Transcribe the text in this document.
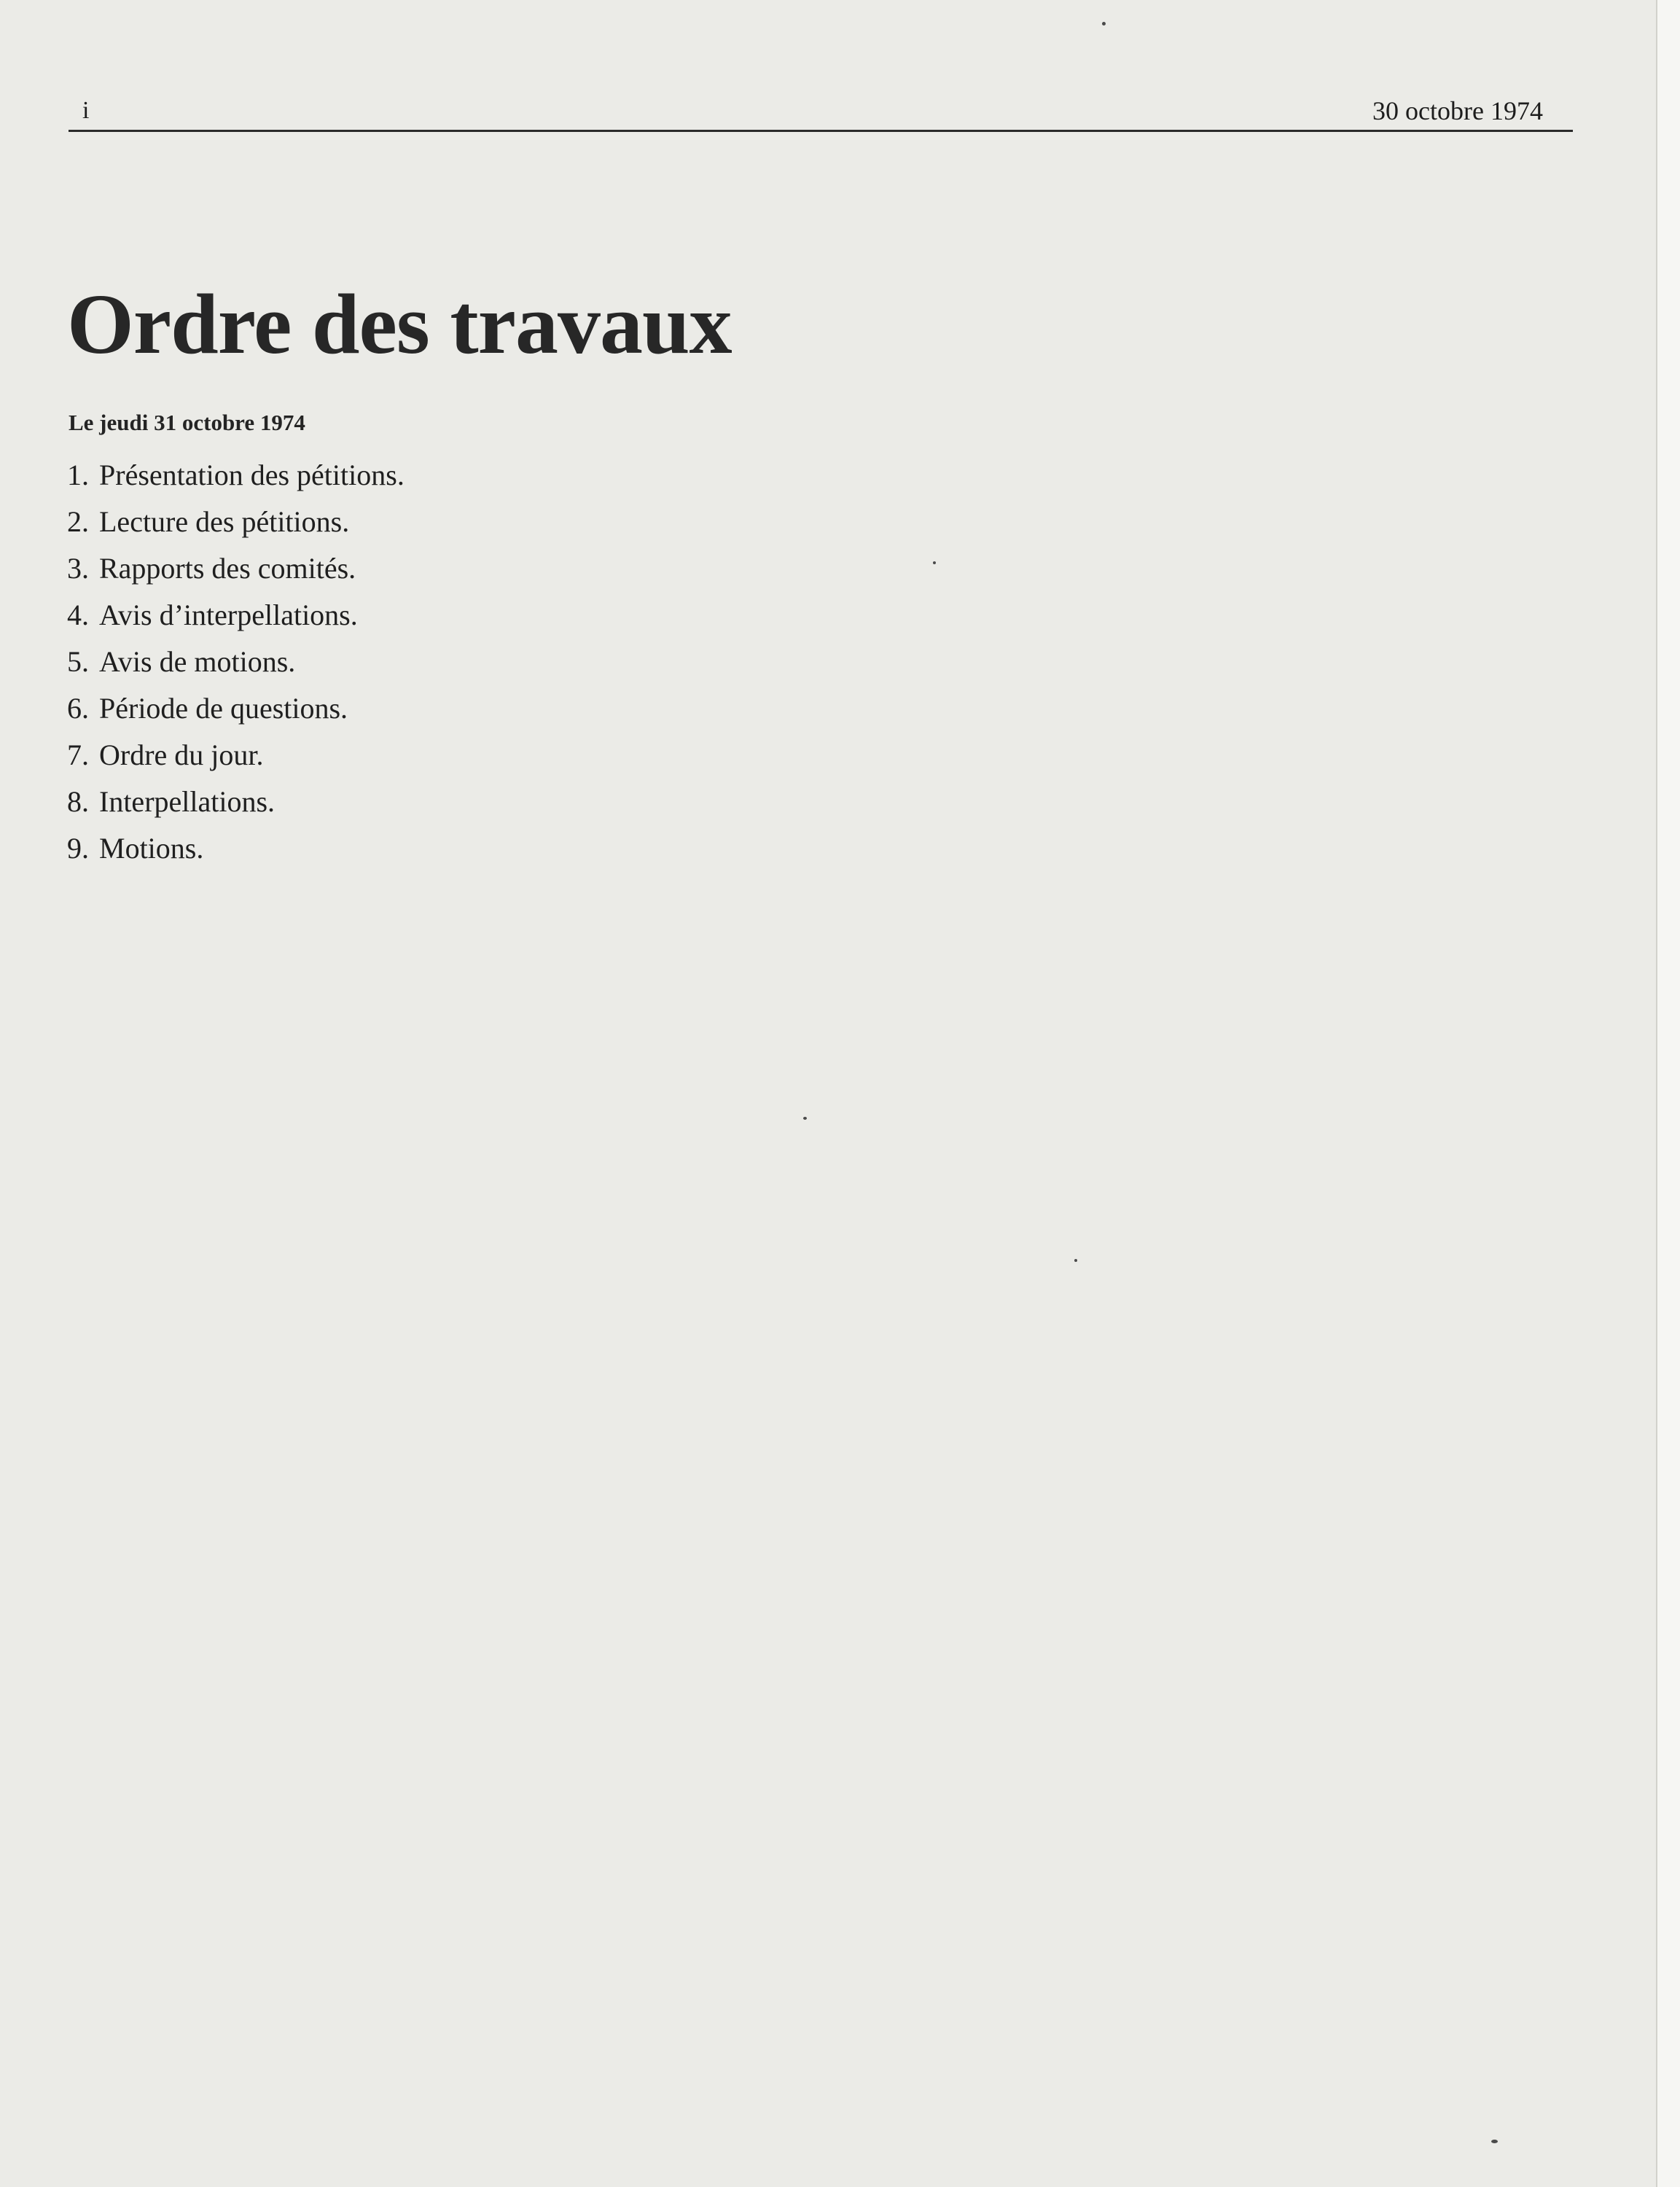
i	30 octobre 1974
Ordre des travaux
Le jeudi 31 octobre 1974
1. Présentation des pétitions.
2. Lecture des pétitions.
3. Rapports des comités.
4. Avis d’interpellations.
5. Avis de motions.
6. Période de questions.
7. Ordre du jour.
8. Interpellations.
9. Motions.
